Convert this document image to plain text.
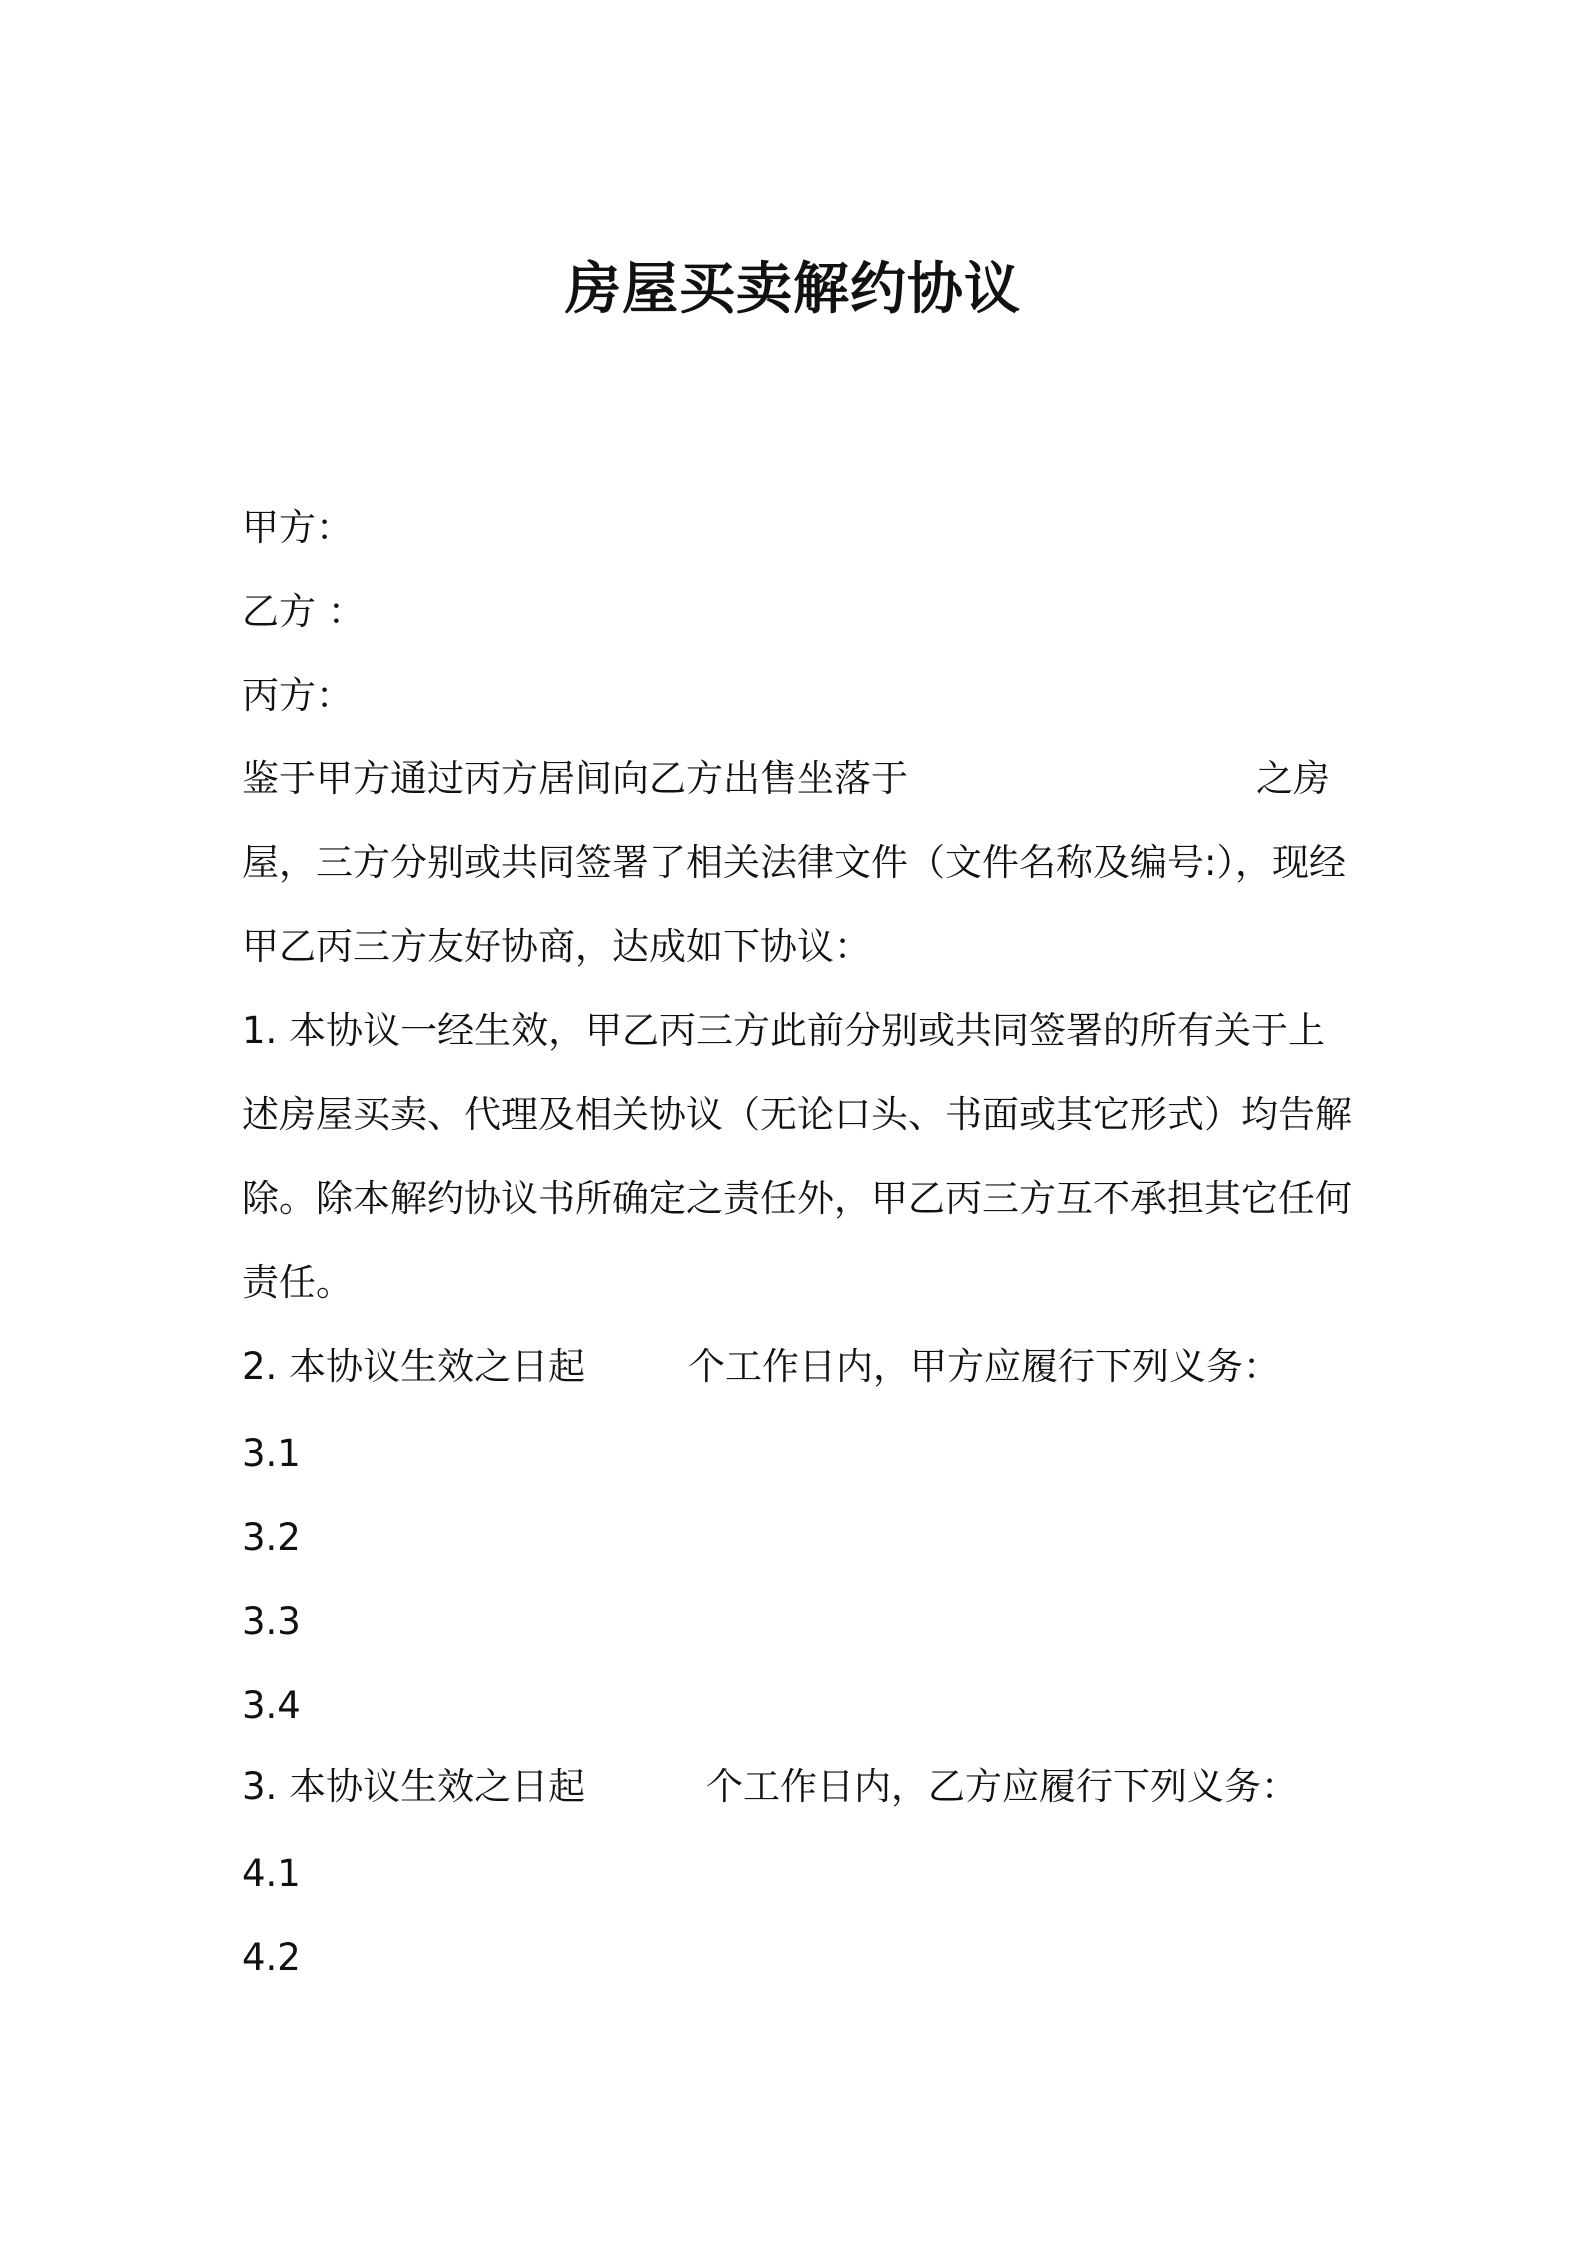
房屋买卖解约协议
甲方：
乙方 ：
丙方：
鉴于甲方通过丙方居间向乙方出售坐落于	之房
屋，三方分别或共同签署了相关法律文件（文件名称及编号:），现经
甲乙丙三方友好协商，达成如下协议：
1. 本协议一经生效，甲乙丙三方此前分别或共同签署的所有关于上
述房屋买卖、代理及相关协议（无论口头、书面或其它形式）均告解
除。除本解约协议书所确定之责任外，甲乙丙三方互不承担其它任何
责任。
2. 本协议生效之日起	个工作日内，甲方应履行下列义务：
3.1
3.2
3.3
3.4
3. 本协议生效之日起	个工作日内，乙方应履行下列义务：
4.1
4.2
